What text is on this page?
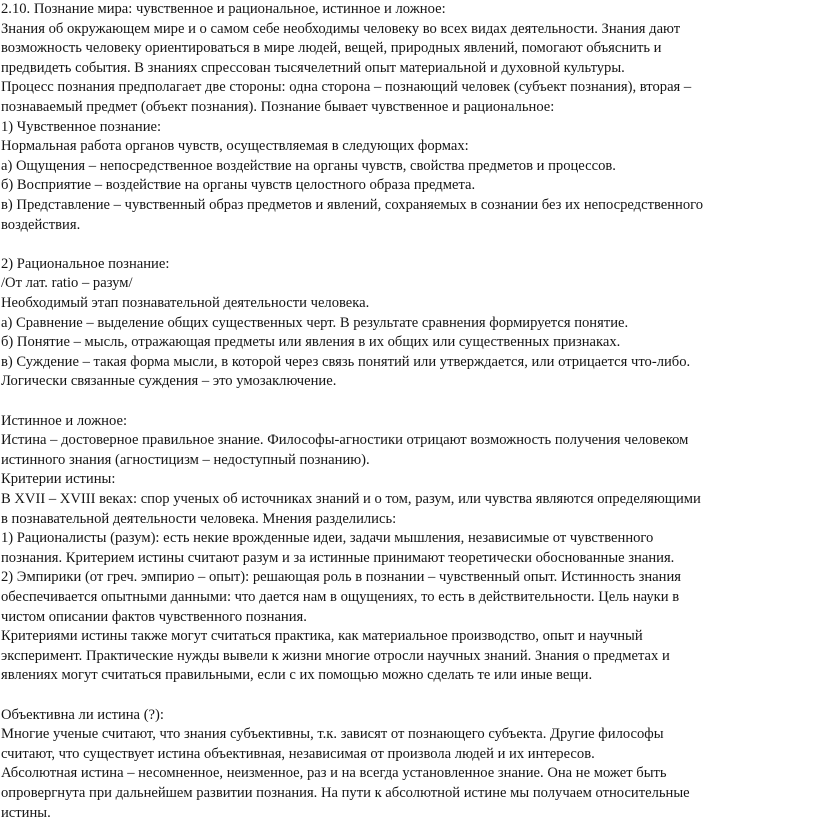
2.10. Познание мира: чувственное и рациональное, истинное и ложное:
Знания об окружающем мире и о самом себе необходимы человеку во всех видах деятельности. Знания дают
возможность человеку ориентироваться в мире людей, вещей, природных явлений, помогают объяснить и
предвидеть события. В знаниях спрессован тысячелетний опыт материальной и духовной культуры.
Процесс познания предполагает две стороны: одна сторона – познающий человек (субъект познания), вторая –
познаваемый предмет (объект познания). Познание бывает чувственное и рациональное:
1) Чувственное познание:
Нормальная работа органов чувств, осуществляемая в следующих формах:
а) Ощущения – непосредственное воздействие на органы чувств, свойства предметов и процессов.
б) Восприятие – воздействие на органы чувств целостного образа предмета.
в) Представление – чувственный образ предметов и явлений, сохраняемых в сознании без их непосредственного
воздействия.
2) Рациональное познание:
/От лат. ratio – разум/
Необходимый этап познавательной деятельности человека.
а) Сравнение – выделение общих существенных черт. В результате сравнения формируется понятие.
б) Понятие – мысль, отражающая предметы или явления в их общих или существенных признаках.
в) Суждение – такая форма мысли, в которой через связь понятий или утверждается, или отрицается что-либо.
Логически связанные суждения – это умозаключение.
Истинное и ложное:
Истина – достоверное правильное знание. Философы-агностики отрицают возможность получения человеком
истинного знания (агностицизм – недоступный познанию).
Критерии истины:
В XVII – XVIII веках: спор ученых об источниках знаний и о том, разум, или чувства являются определяющими
в познавательной деятельности человека. Мнения разделились:
1) Рационалисты (разум): есть некие врожденные идеи, задачи мышления, независимые от чувственного
познания. Критерием истины считают разум и за истинные принимают теоретически обоснованные знания.
2) Эмпирики (от греч. эмпирио – опыт): решающая роль в познании – чувственный опыт. Истинность знания
обеспечивается опытными данными: что дается нам в ощущениях, то есть в действительности. Цель науки в
чистом описании фактов чувственного познания.
Критериями истины также могут считаться практика, как материальное производство, опыт и научный
эксперимент. Практические нужды вывели к жизни многие отросли научных знаний. Знания о предметах и
явлениях могут считаться правильными, если с их помощью можно сделать те или иные вещи.
Объективна ли истина (?):
Многие ученые считают, что знания субъективны, т.к. зависят от познающего субъекта. Другие философы
считают, что существует истина объективная, независимая от произвола людей и их интересов.
Абсолютная истина – несомненное, неизменное, раз и на всегда установленное знание. Она не может быть
опровергнута при дальнейшем развитии познания. На пути к абсолютной истине мы получаем относительные
истины.
